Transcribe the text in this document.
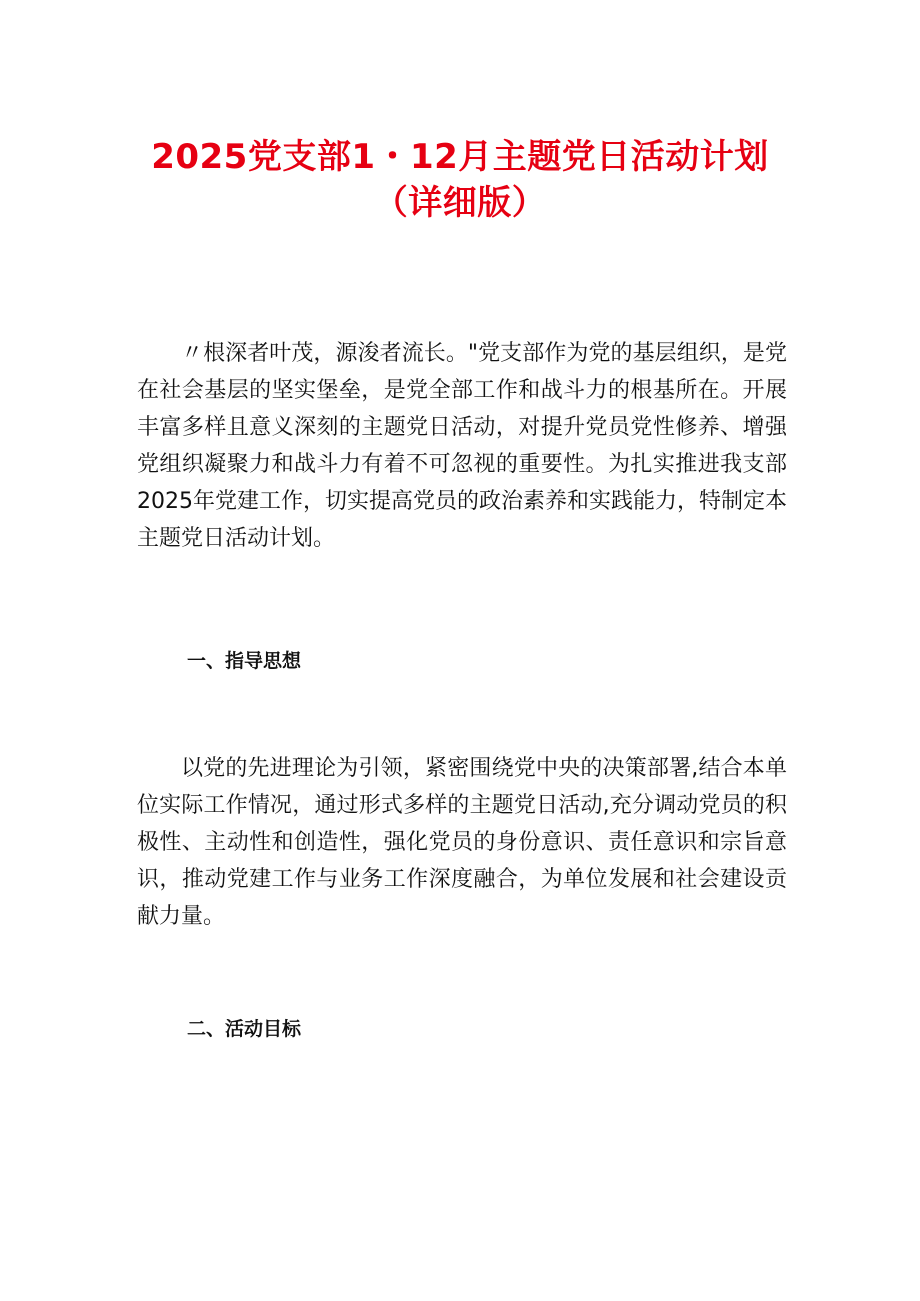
2025党支部1・12月主题党日活动计划
（详细版）

〃根深者叶茂，源浚者流长。"党支部作为党的基层组织，是党在社会基层的坚实堡垒，是党全部工作和战斗力的根基所在。开展丰富多样且意义深刻的主题党日活动，对提升党员党性修养、增强党组织凝聚力和战斗力有着不可忽视的重要性。为扎实推进我支部2025年党建工作，切实提高党员的政治素养和实践能力，特制定本主题党日活动计划。

一、指导思想

以党的先进理论为引领，紧密围绕党中央的决策部署,结合本单位实际工作情况，通过形式多样的主题党日活动,充分调动党员的积极性、主动性和创造性，强化党员的身份意识、责任意识和宗旨意识，推动党建工作与业务工作深度融合，为单位发展和社会建设贡献力量。

二、活动目标
